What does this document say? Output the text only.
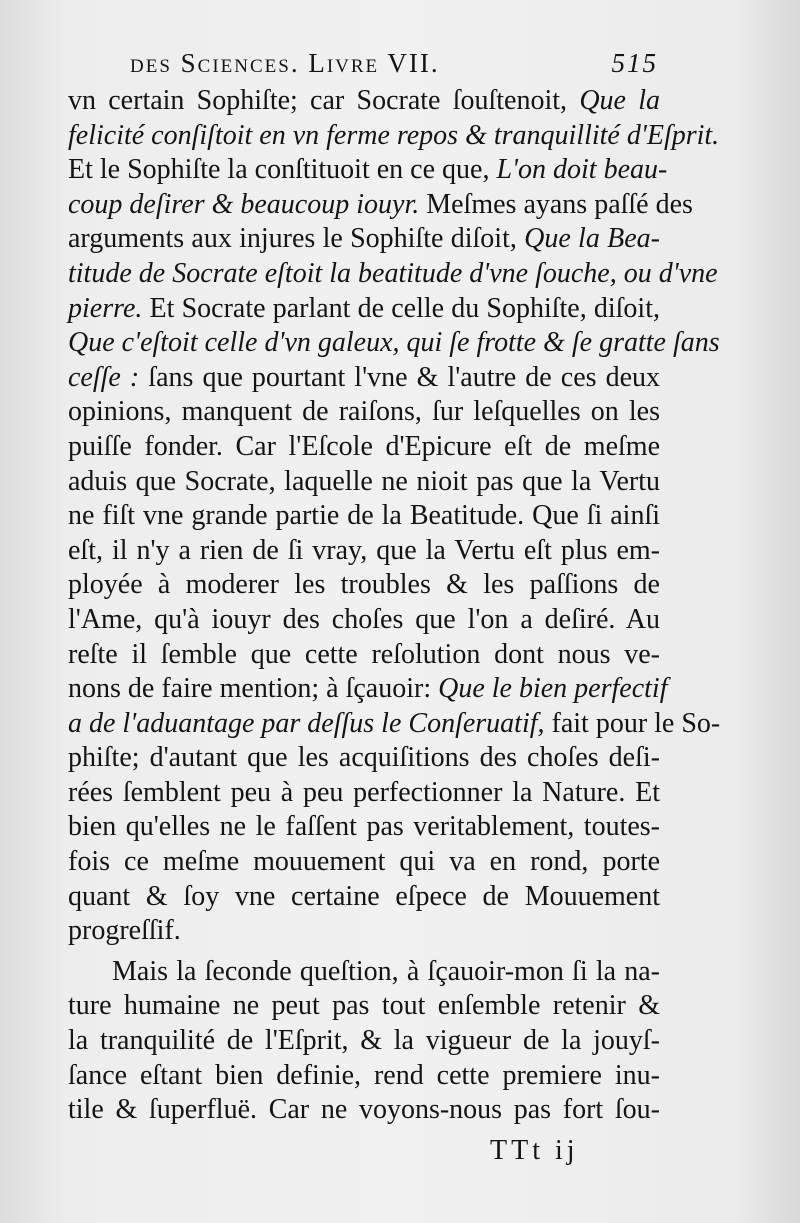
des Sciences. Livre VII.	515
vn certain Sophiſte; car Socrate ſouſtenoit, Que la
felicité conſiſtoit en vn ferme repos & tranquillité d'Eſprit.
Et le Sophiſte la conſtituoit en ce que, L'on doit beau-
coup deſirer & beaucoup iouyr. Meſmes ayans paſſé des
arguments aux injures le Sophiſte diſoit, Que la Bea-
titude de Socrate eſtoit la beatitude d'vne ſouche, ou d'vne
pierre. Et Socrate parlant de celle du Sophiſte, diſoit,
Que c'eſtoit celle d'vn galeux, qui ſe frotte & ſe gratte ſans
ceſſe : ſans que pourtant l'vne & l'autre de ces deux
opinions, manquent de raiſons, ſur leſquelles on les
puiſſe fonder. Car l'Eſcole d'Epicure eſt de meſme
aduis que Socrate, laquelle ne nioit pas que la Vertu
ne fiſt vne grande partie de la Beatitude. Que ſi ainſi
eſt, il n'y a rien de ſi vray, que la Vertu eſt plus em-
ployée à moderer les troubles & les paſſions de
l'Ame, qu'à iouyr des choſes que l'on a deſiré. Au
reſte il ſemble que cette reſolution dont nous ve-
nons de faire mention; à ſçauoir: Que le bien perfectif
a de l'aduantage par deſſus le Conſeruatif, fait pour le So-
phiſte; d'autant que les acquiſitions des choſes deſi-
rées ſemblent peu à peu perfectionner la Nature. Et
bien qu'elles ne le faſſent pas veritablement, toutes-
fois ce meſme mouuement qui va en rond, porte
quant & ſoy vne certaine eſpece de Mouuement
progreſſif.
Mais la ſeconde queſtion, à ſçauoir-mon ſi la na-
ture humaine ne peut pas tout enſemble retenir &
la tranquilité de l'Eſprit, & la vigueur de la jouyſ-
ſance eſtant bien definie, rend cette premiere inu-
tile & ſuperfluë. Car ne voyons-nous pas fort ſou-
TTt ij
